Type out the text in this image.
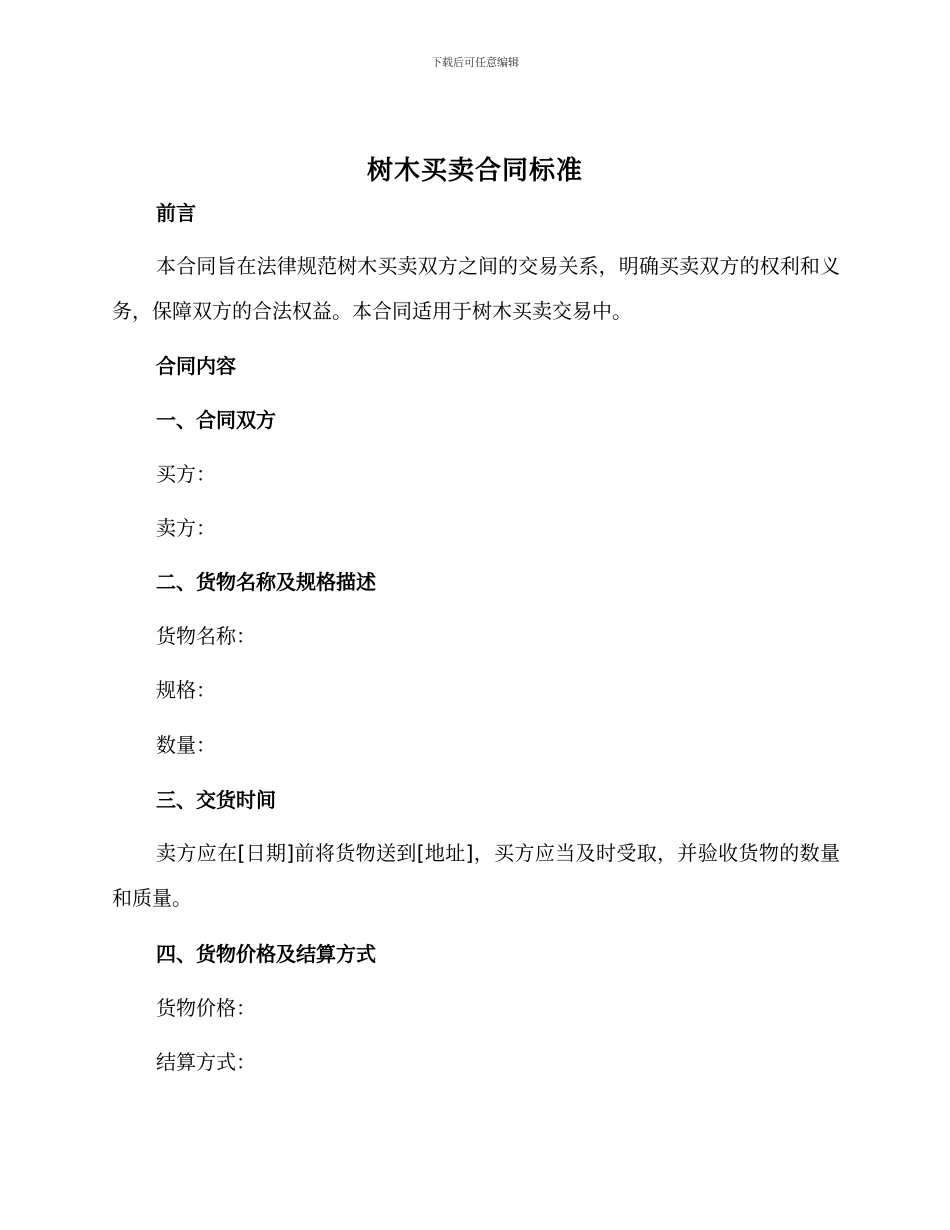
下载后可任意编辑
树木买卖合同标准
前言
本合同旨在法律规范树木买卖双方之间的交易关系，明确买卖双方的权利和义务，保障双方的合法权益。本合同适用于树木买卖交易中。
合同内容
一、合同双方
买方：
卖方：
二、货物名称及规格描述
货物名称：
规格：
数量：
三、交货时间
卖方应在[日期]前将货物送到[地址]，买方应当及时受取，并验收货物的数量和质量。
四、货物价格及结算方式
货物价格：
结算方式：
